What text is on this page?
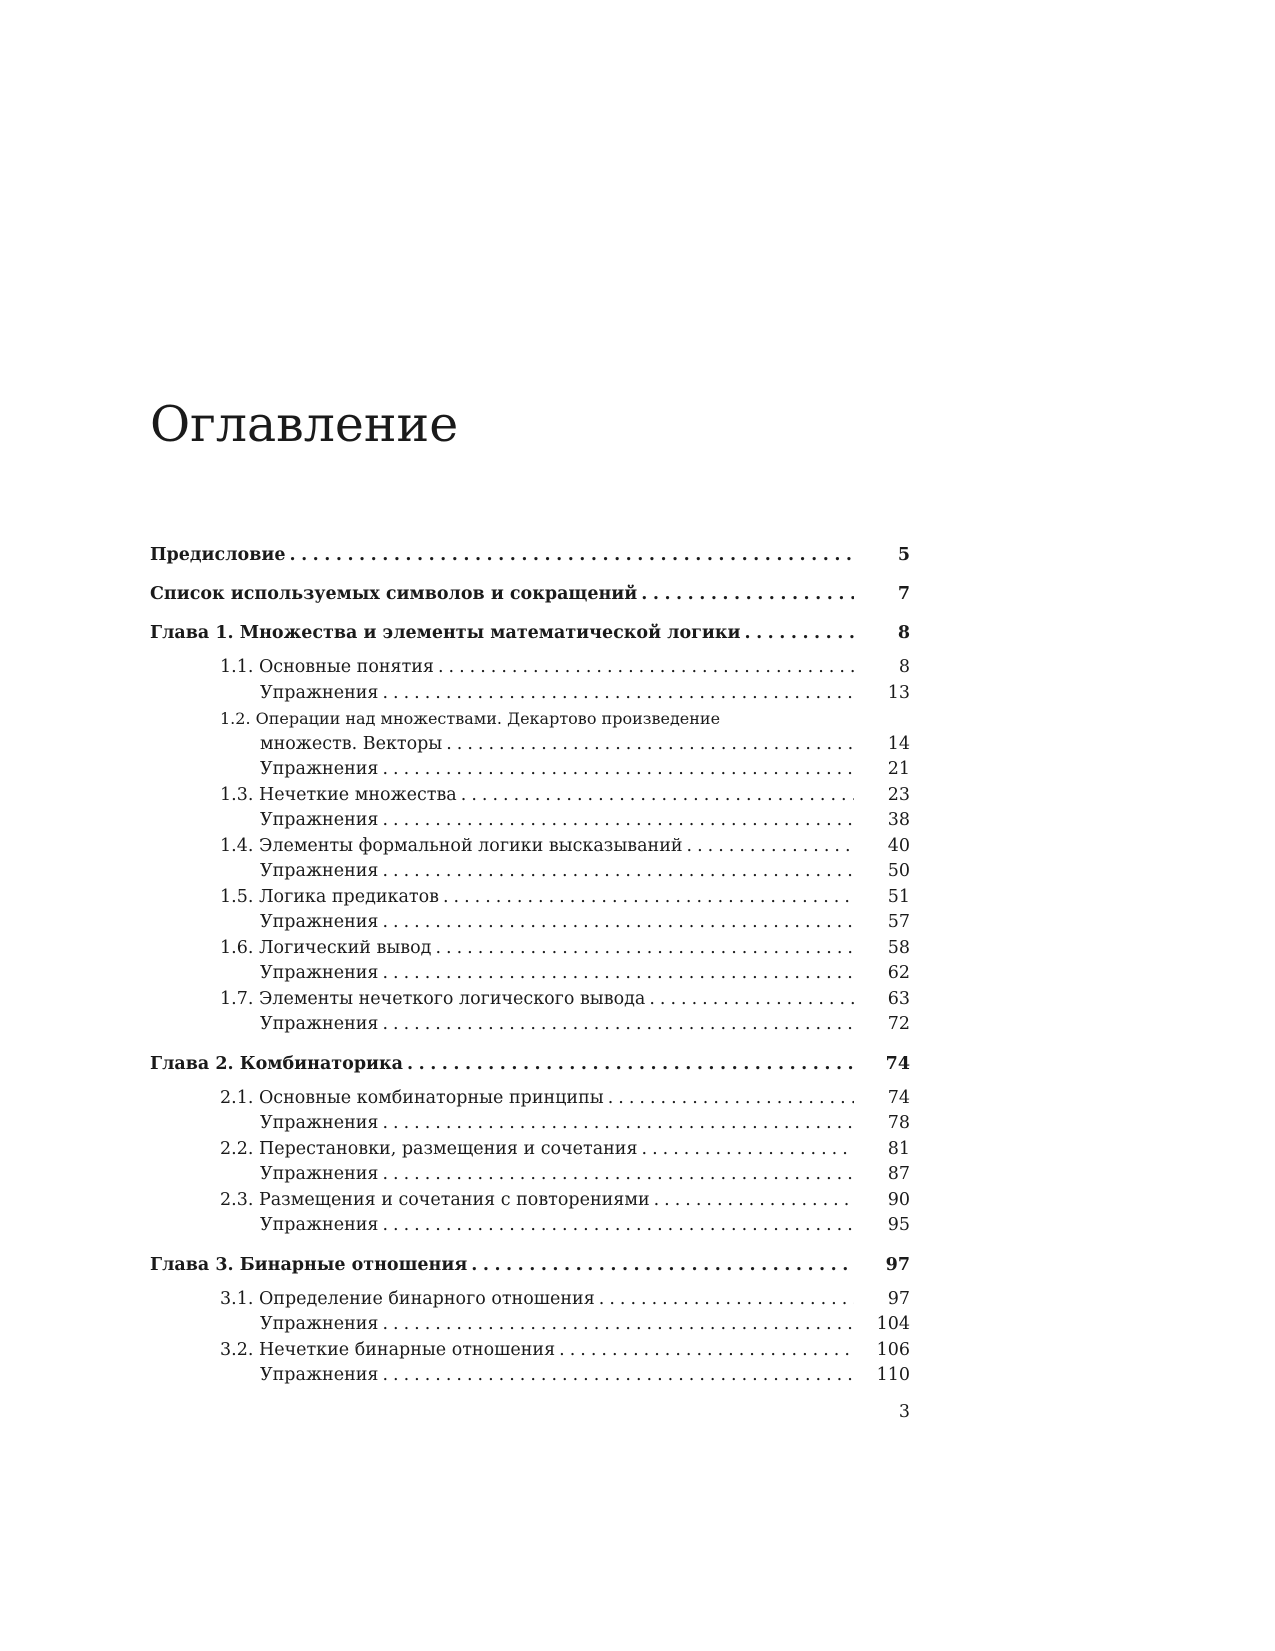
Оглавление
Предисловие .....	5
Список используемых символов и сокращений .....	7
Глава 1. Множества и элементы математической логики .....	8
1.1. Основные понятия .....	8
Упражнения .....	13
1.2. Операции над множествами. Декартово произведение
множеств. Векторы .....	14
Упражнения .....	21
1.3. Нечеткие множества .....	23
Упражнения .....	38
1.4. Элементы формальной логики высказываний .....	40
Упражнения .....	50
1.5. Логика предикатов .....	51
Упражнения .....	57
1.6. Логический вывод .....	58
Упражнения .....	62
1.7. Элементы нечеткого логического вывода .....	63
Упражнения .....	72
Глава 2. Комбинаторика .....	74
2.1. Основные комбинаторные принципы .....	74
Упражнения .....	78
2.2. Перестановки, размещения и сочетания .....	81
Упражнения .....	87
2.3. Размещения и сочетания с повторениями .....	90
Упражнения .....	95
Глава 3. Бинарные отношения .....	97
3.1. Определение бинарного отношения .....	97
Упражнения .....	104
3.2. Нечеткие бинарные отношения .....	106
Упражнения .....	110
3
